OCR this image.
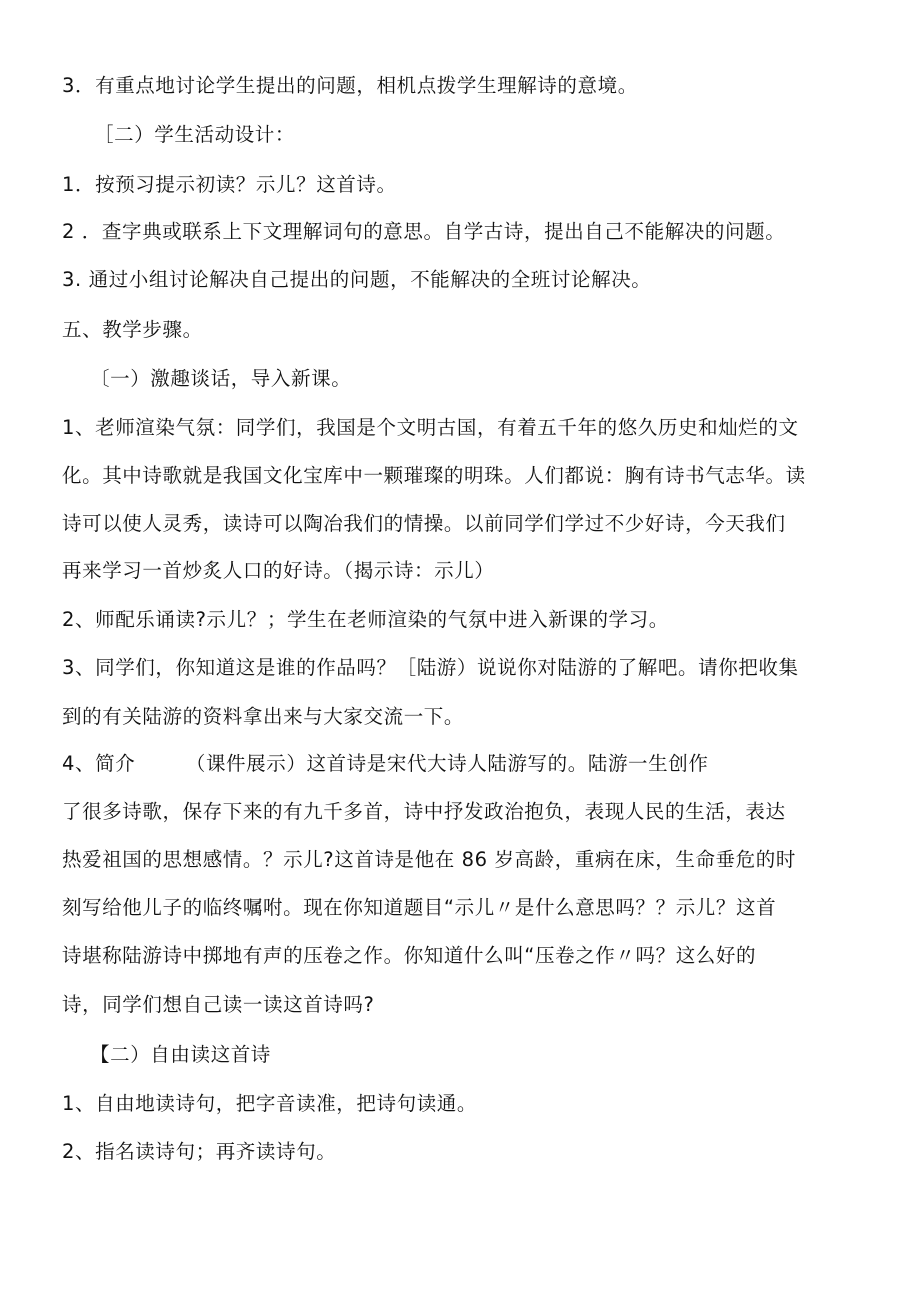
3．有重点地讨论学生提出的问题，相机点拨学生理解诗的意境。
［二）学生活动设计：
1．按预习提示初读？示儿？这首诗。
2 ．查字典或联系上下文理解词句的意思。自学古诗，提出自己不能解决的问题。
3. 通过小组讨论解决自己提出的问题，不能解决的全班讨论解决。
五、教学步骤。
〔一）激趣谈话，导入新课。
1、老师渲染气氛：同学们，我国是个文明古国，有着五千年的悠久历史和灿烂的文
化。其中诗歌就是我国文化宝库中一颗璀璨的明珠。人们都说：胸有诗书气志华。读
诗可以使人灵秀，读诗可以陶冶我们的情操。以前同学们学过不少好诗，今天我们
再来学习一首炒炙人口的好诗。（揭示诗：示儿）
2、师配乐诵读?示儿？；学生在老师渲染的气氛中进入新课的学习。
3、同学们，你知道这是谁的作品吗？［陆游）说说你对陆游的了解吧。请你把收集
到的有关陆游的资料拿出来与大家交流一下。
4、简介　　　（课件展示）这首诗是宋代大诗人陆游写的。陆游一生创作
了很多诗歌，保存下来的有九千多首，诗中抒发政治抱负，表现人民的生活，表达
热爱祖国的思想感情。？示儿?这首诗是他在 86 岁高龄，重病在床，生命垂危的时
刻写给他儿子的临终嘱咐。现在你知道题目“示儿〃是什么意思吗？？示儿？这首
诗堪称陆游诗中掷地有声的压卷之作。你知道什么叫“压卷之作〃吗？这么好的
诗，同学们想自己读一读这首诗吗?
【二）自由读这首诗
1、自由地读诗句，把字音读准，把诗句读通。
2、指名读诗句；再齐读诗句。
